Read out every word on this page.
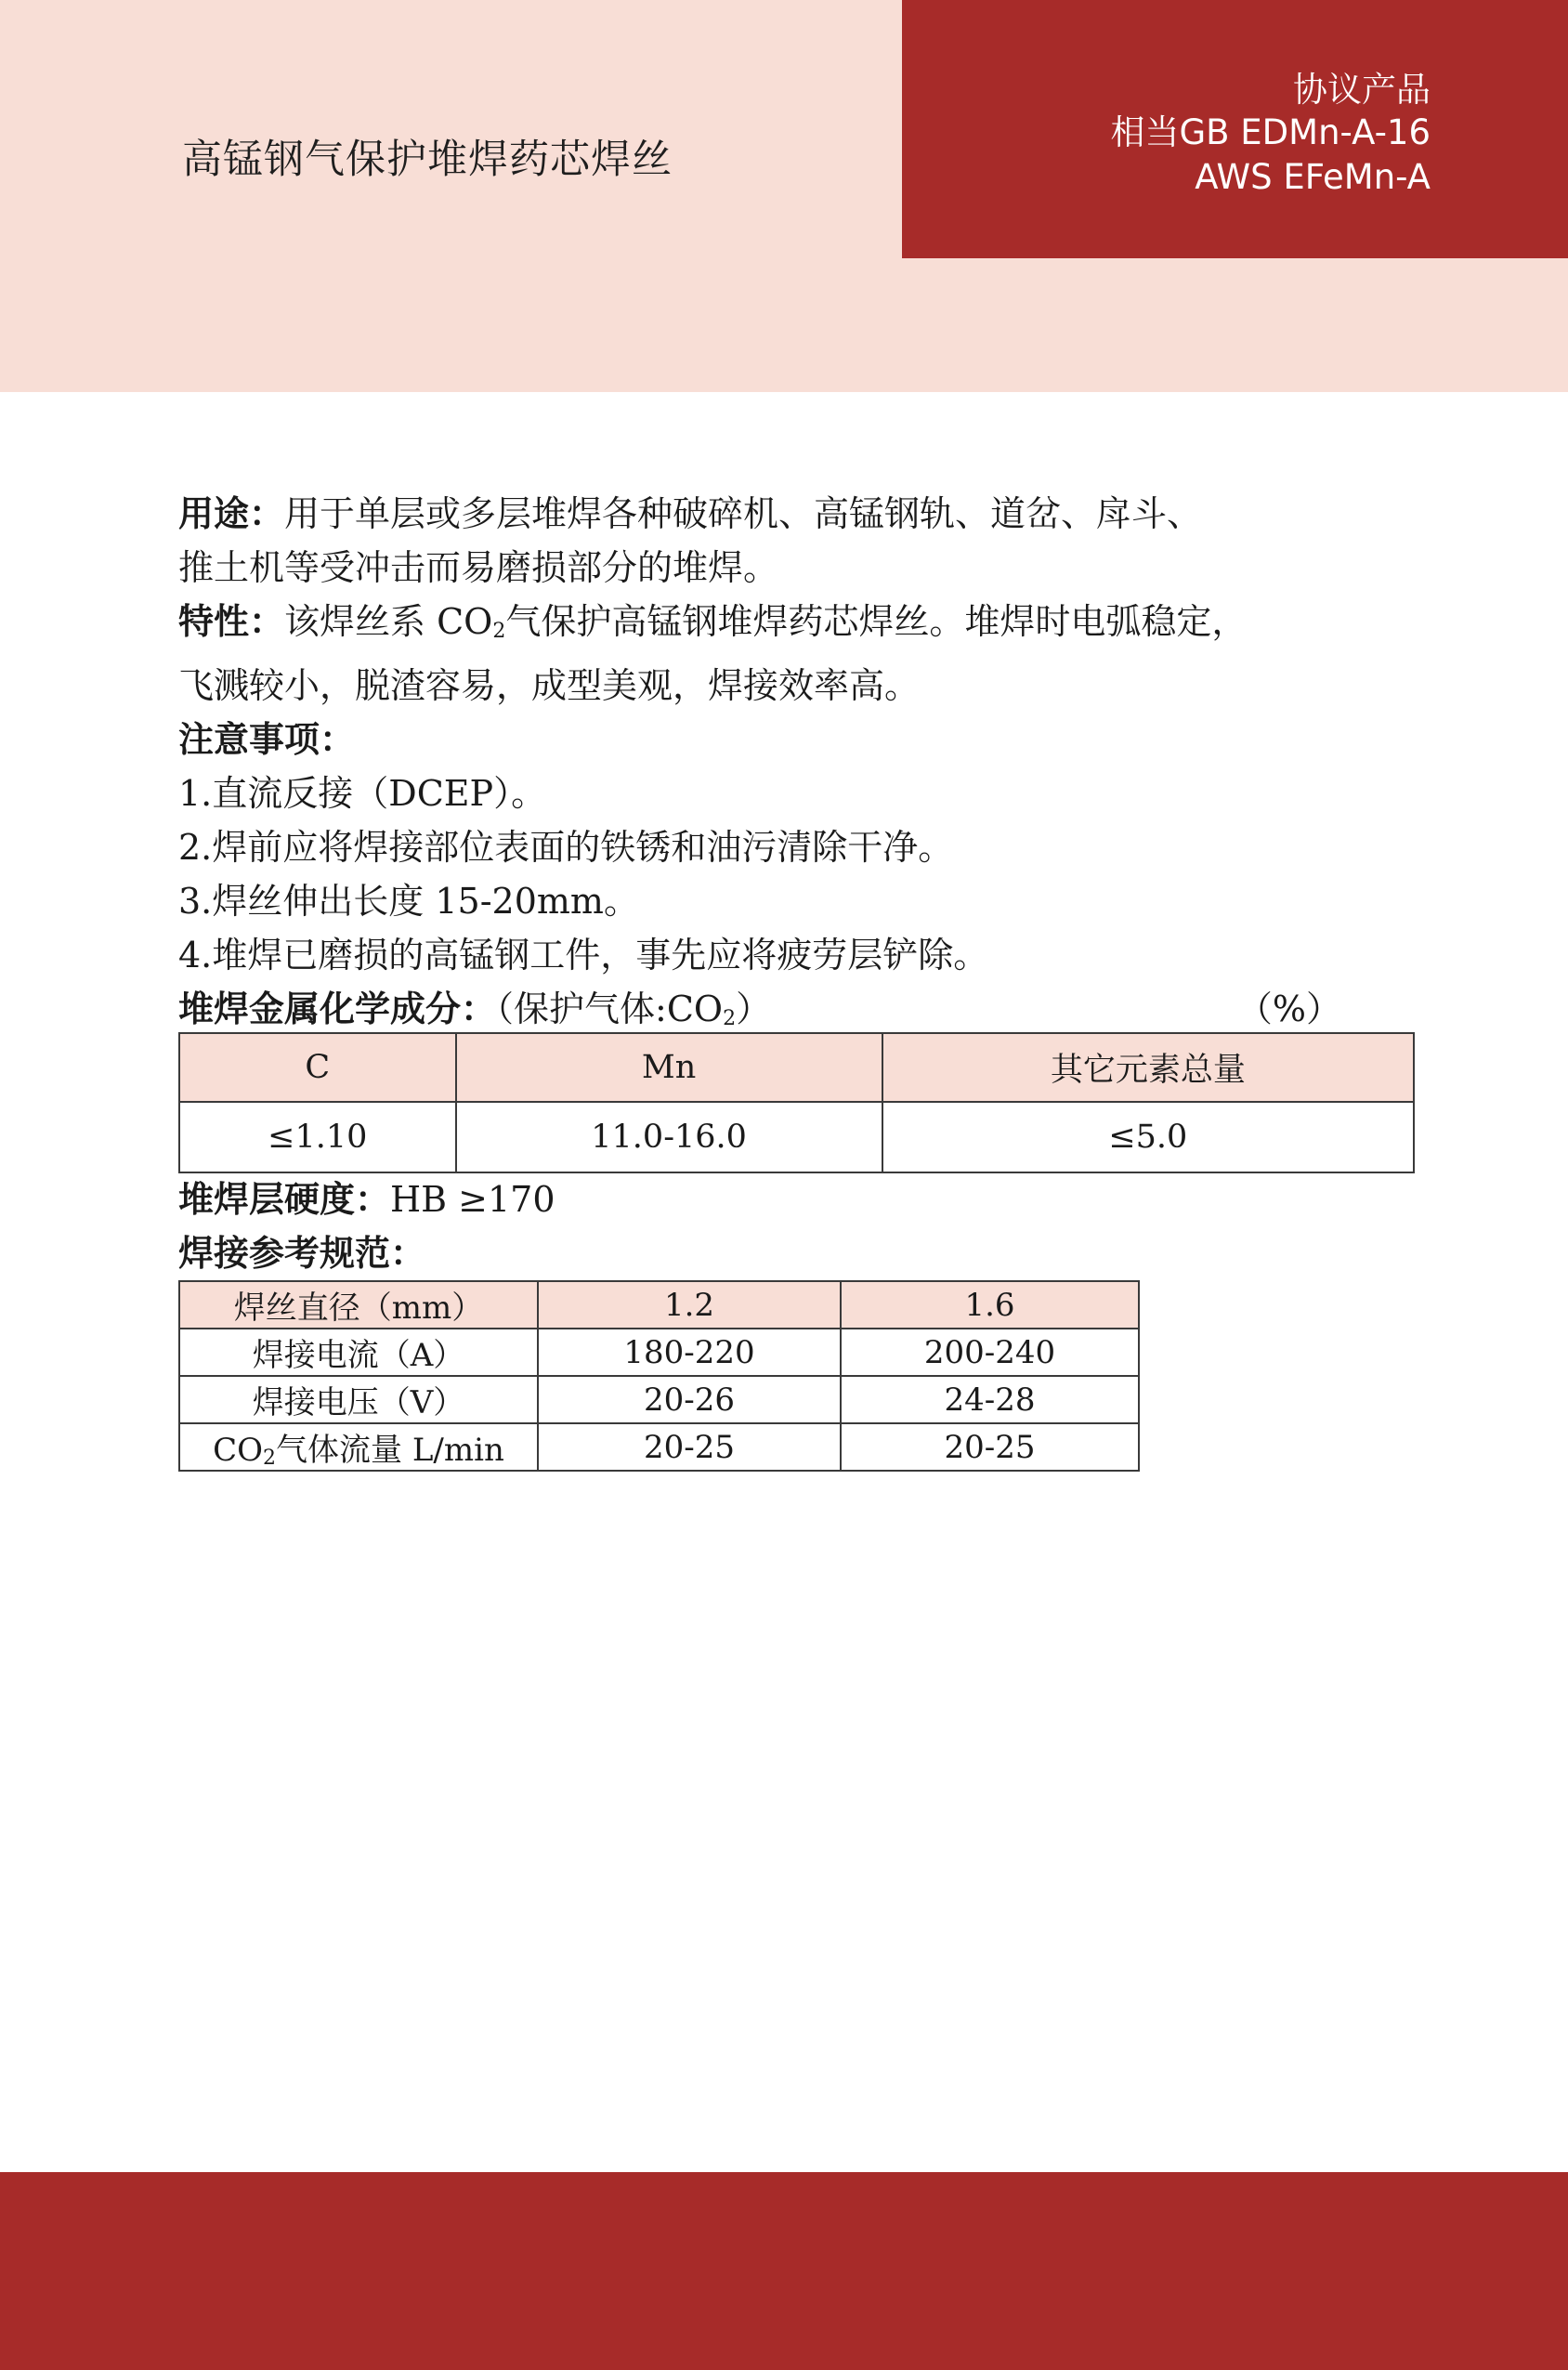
高锰钢气保护堆焊药芯焊丝
协议产品
相当GB EDMn-A-16
AWS EFeMn-A

用途：用于单层或多层堆焊各种破碎机、高锰钢轨、道岔、戽斗、

推土机等受冲击而易磨损部分的堆焊。

特性：该焊丝系 $CO_2$气保护高锰钢堆焊药芯焊丝。堆焊时电弧稳定，

飞溅较小，脱渣容易，成型美观，焊接效率高。

注意事项：

1.直流反接（DCEP）。

2.焊前应将焊接部位表面的铁锈和油污清除干净。

3.焊丝伸出长度 15-20mm。

4.堆焊已磨损的高锰钢工件，事先应将疲劳层铲除。

堆焊金属化学成分：（保护气体$:CO_2$）	（%）

C	Mn	其它元素总量
≤1.10	11.0-16.0	≤5.0

堆焊层硬度：HB ≥170

焊接参考规范：

焊丝直径（mm）	1.2	1.6
焊接电流（A）	180-220	200-240
焊接电压（V）	20-26	24-28
$CO_2$气体流量 L/min	20-25	20-25
